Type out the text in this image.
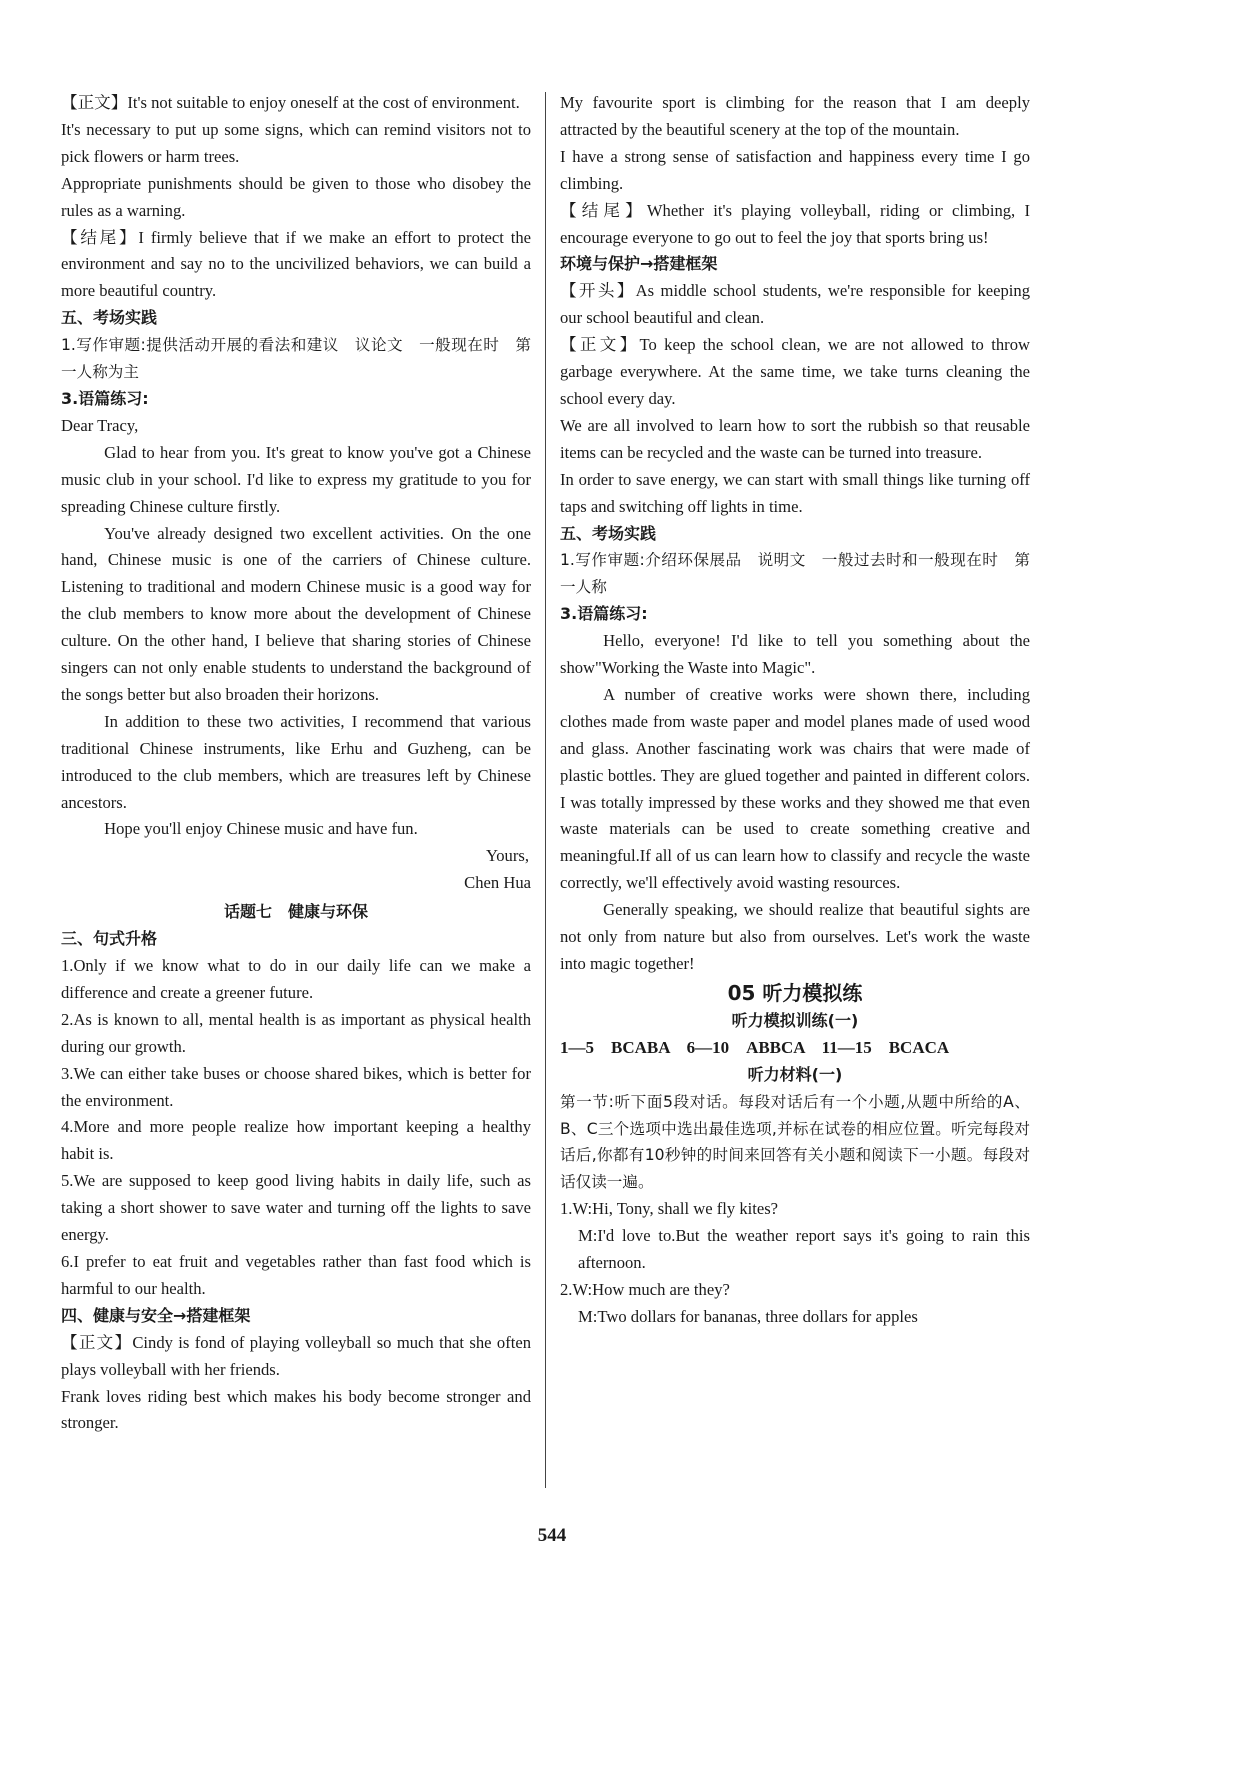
【正文】It's not suitable to enjoy oneself at the cost of environment.

It's necessary to put up some signs, which can remind visitors not to pick flowers or harm trees.

Appropriate punishments should be given to those who disobey the rules as a warning.

【结尾】I firmly believe that if we make an effort to protect the environment and say no to the uncivilized behaviors, we can build a more beautiful country.

五、考场实践

1.写作审题:提供活动开展的看法和建议　议论文　一般现在时　第一人称为主

3.语篇练习:

Dear Tracy,

Glad to hear from you. It's great to know you've got a Chinese music club in your school. I'd like to express my gratitude to you for spreading Chinese culture firstly.

You've already designed two excellent activities. On the one hand, Chinese music is one of the carriers of Chinese culture. Listening to traditional and modern Chinese music is a good way for the club members to know more about the development of Chinese culture. On the other hand, I believe that sharing stories of Chinese singers can not only enable students to understand the background of the songs better but also broaden their horizons.

In addition to these two activities, I recommend that various traditional Chinese instruments, like Erhu and Guzheng, can be introduced to the club members, which are treasures left by Chinese ancestors.

Hope you'll enjoy Chinese music and have fun.

Yours,

Chen Hua

话题七　健康与环保

三、句式升格

1.Only if we know what to do in our daily life can we make a difference and create a greener future.

2.As is known to all, mental health is as important as physical health during our growth.

3.We can either take buses or choose shared bikes, which is better for the environment.

4.More and more people realize how important keeping a healthy habit is.

5.We are supposed to keep good living habits in daily life, such as taking a short shower to save water and turning off the lights to save energy.

6.I prefer to eat fruit and vegetables rather than fast food which is harmful to our health.

四、健康与安全→搭建框架

【正文】Cindy is fond of playing volleyball so much that she often plays volleyball with her friends.

Frank loves riding best which makes his body become stronger and stronger.

My favourite sport is climbing for the reason that I am deeply attracted by the beautiful scenery at the top of the mountain.

I have a strong sense of satisfaction and happiness every time I go climbing.

【结尾】Whether it's playing volleyball, riding or climbing, I encourage everyone to go out to feel the joy that sports bring us!

环境与保护→搭建框架

【开头】As middle school students, we're responsible for keeping our school beautiful and clean.

【正文】To keep the school clean, we are not allowed to throw garbage everywhere. At the same time, we take turns cleaning the school every day.

We are all involved to learn how to sort the rubbish so that reusable items can be recycled and the waste can be turned into treasure.

In order to save energy, we can start with small things like turning off taps and switching off lights in time.

五、考场实践

1.写作审题:介绍环保展品　说明文　一般过去时和一般现在时　第一人称

3.语篇练习:

Hello, everyone! I'd like to tell you something about the show"Working the Waste into Magic".

A number of creative works were shown there, including clothes made from waste paper and model planes made of used wood and glass. Another fascinating work was chairs that were made of plastic bottles. They are glued together and painted in different colors. I was totally impressed by these works and they showed me that even waste materials can be used to create something creative and meaningful.If all of us can learn how to classify and recycle the waste correctly, we'll effectively avoid wasting resources.

Generally speaking, we should realize that beautiful sights are not only from nature but also from ourselves. Let's work the waste into magic together!

05 听力模拟练

听力模拟训练(一)

1—5　BCABA　6—10　ABBCA　11—15　BCACA

听力材料(一)

第一节:听下面5段对话。每段对话后有一个小题,从题中所给的A、B、C三个选项中选出最佳选项,并标在试卷的相应位置。听完每段对话后,你都有10秒钟的时间来回答有关小题和阅读下一小题。每段对话仅读一遍。

1.W:Hi, Tony, shall we fly kites?

M:I'd love to.But the weather report says it's going to rain this afternoon.

2.W:How much are they?

M:Two dollars for bananas, three dollars for apples

544
